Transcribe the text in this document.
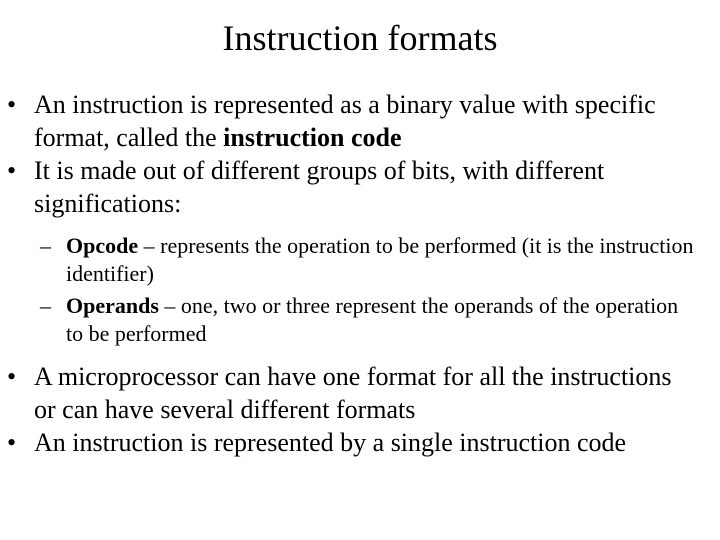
Instruction formats
• An instruction is represented as a binary value with specific format, called the instruction code
• It is made out of different groups of bits, with different significations:
– Opcode – represents the operation to be performed (it is the instruction identifier)
– Operands – one, two or three represent the operands of the operation to be performed
• A microprocessor can have one format for all the instructions or can have several different formats
• An instruction is represented by a single instruction code
